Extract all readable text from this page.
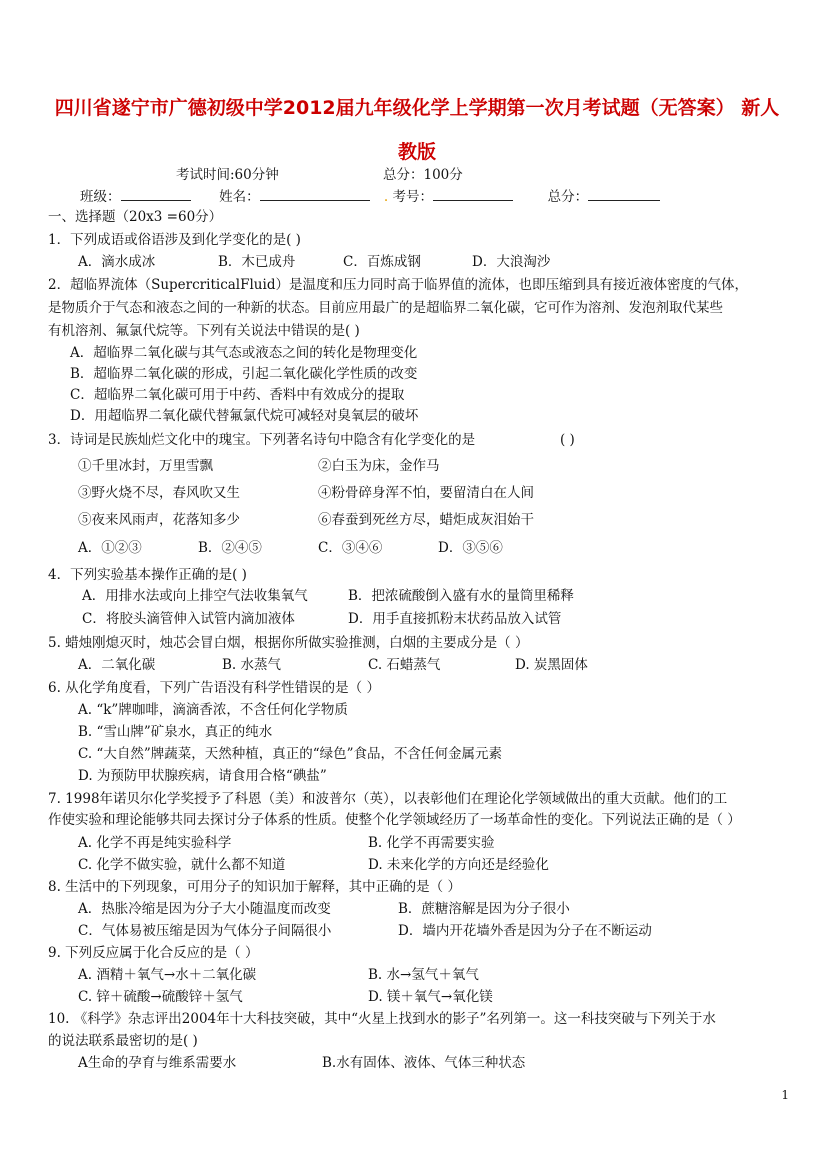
四川省遂宁市广德初级中学2012届九年级化学上学期第一次月考试题（无答案） 新人
教版
考试时间:60分钟	总分：100分
班级：	姓名：	. 考号：	总分：
一、选择题（20x3 =60分）
1．下列成语或俗语涉及到化学变化的是( )
A．滴水成冰	B．木已成舟	C．百炼成钢	D．大浪淘沙
2．超临界流体（SupercriticalFluid）是温度和压力同时高于临界值的流体，也即压缩到具有接近液体密度的气体，
是物质介于气态和液态之间的一种新的状态。目前应用最广的是超临界二氧化碳，它可作为溶剂、发泡剂取代某些
有机溶剂、氟氯代烷等。下列有关说法中错误的是( )
A．超临界二氧化碳与其气态或液态之间的转化是物理变化
B．超临界二氧化碳的形成，引起二氧化碳化学性质的改变
C．超临界二氧化碳可用于中药、香料中有效成分的提取
D．用超临界二氧化碳代替氟氯代烷可减轻对臭氧层的破坏
3．诗词是民族灿烂文化中的瑰宝。下列著名诗句中隐含有化学变化的是	( )
①千里冰封，万里雪飘	②白玉为床，金作马
③野火烧不尽，春风吹又生	④粉骨碎身浑不怕，要留清白在人间
⑤夜来风雨声，花落知多少	⑥春蚕到死丝方尽，蜡炬成灰泪始干
A．①②③	B．②④⑤	C．③④⑥	D．③⑤⑥
4．下列实验基本操作正确的是( )
A．用排水法或向上排空气法收集氧气	B．把浓硫酸倒入盛有水的量筒里稀释
C．将胶头滴管伸入试管内滴加液体	D．用手直接抓粉末状药品放入试管
5. 蜡烛刚熄灭时，烛芯会冒白烟，根据你所做实验推测，白烟的主要成分是（ ）
A．二氧化碳	B. 水蒸气	C. 石蜡蒸气	D. 炭黑固体
6. 从化学角度看，下列广告语没有科学性错误的是（ ）
A. “k”牌咖啡，滴滴香浓，不含任何化学物质
B. “雪山牌”矿泉水，真正的纯水
C. “大自然”牌蔬菜，天然种植，真正的“绿色”食品，不含任何金属元素
D. 为预防甲状腺疾病，请食用合格“碘盐”
7. 1998年诺贝尔化学奖授予了科恩（美）和波普尔（英），以表彰他们在理论化学领域做出的重大贡献。他们的工
作使实验和理论能够共同去探讨分子体系的性质。使整个化学领域经历了一场革命性的变化。下列说法正确的是（ ）
A. 化学不再是纯实验科学	B. 化学不再需要实验
C. 化学不做实验，就什么都不知道	D. 未来化学的方向还是经验化
8. 生活中的下列现象，可用分子的知识加于解释，其中正确的是（ ）
A．热胀冷缩是因为分子大小随温度而改变	B．蔗糖溶解是因为分子很小
C．气体易被压缩是因为气体分子间隔很小	D．墙内开花墙外香是因为分子在不断运动
9. 下列反应属于化合反应的是（ ）
A. 酒精＋氧气→水＋二氧化碳	B. 水→氢气＋氧气
C. 锌＋硫酸→硫酸锌＋氢气	D. 镁＋氧气→氧化镁
10. 《科学》杂志评出2004年十大科技突破，其中“火星上找到水的影子”名列第一。这一科技突破与下列关于水
的说法联系最密切的是( )
A生命的孕育与维系需要水	B.水有固体、液体、气体三种状态
1
